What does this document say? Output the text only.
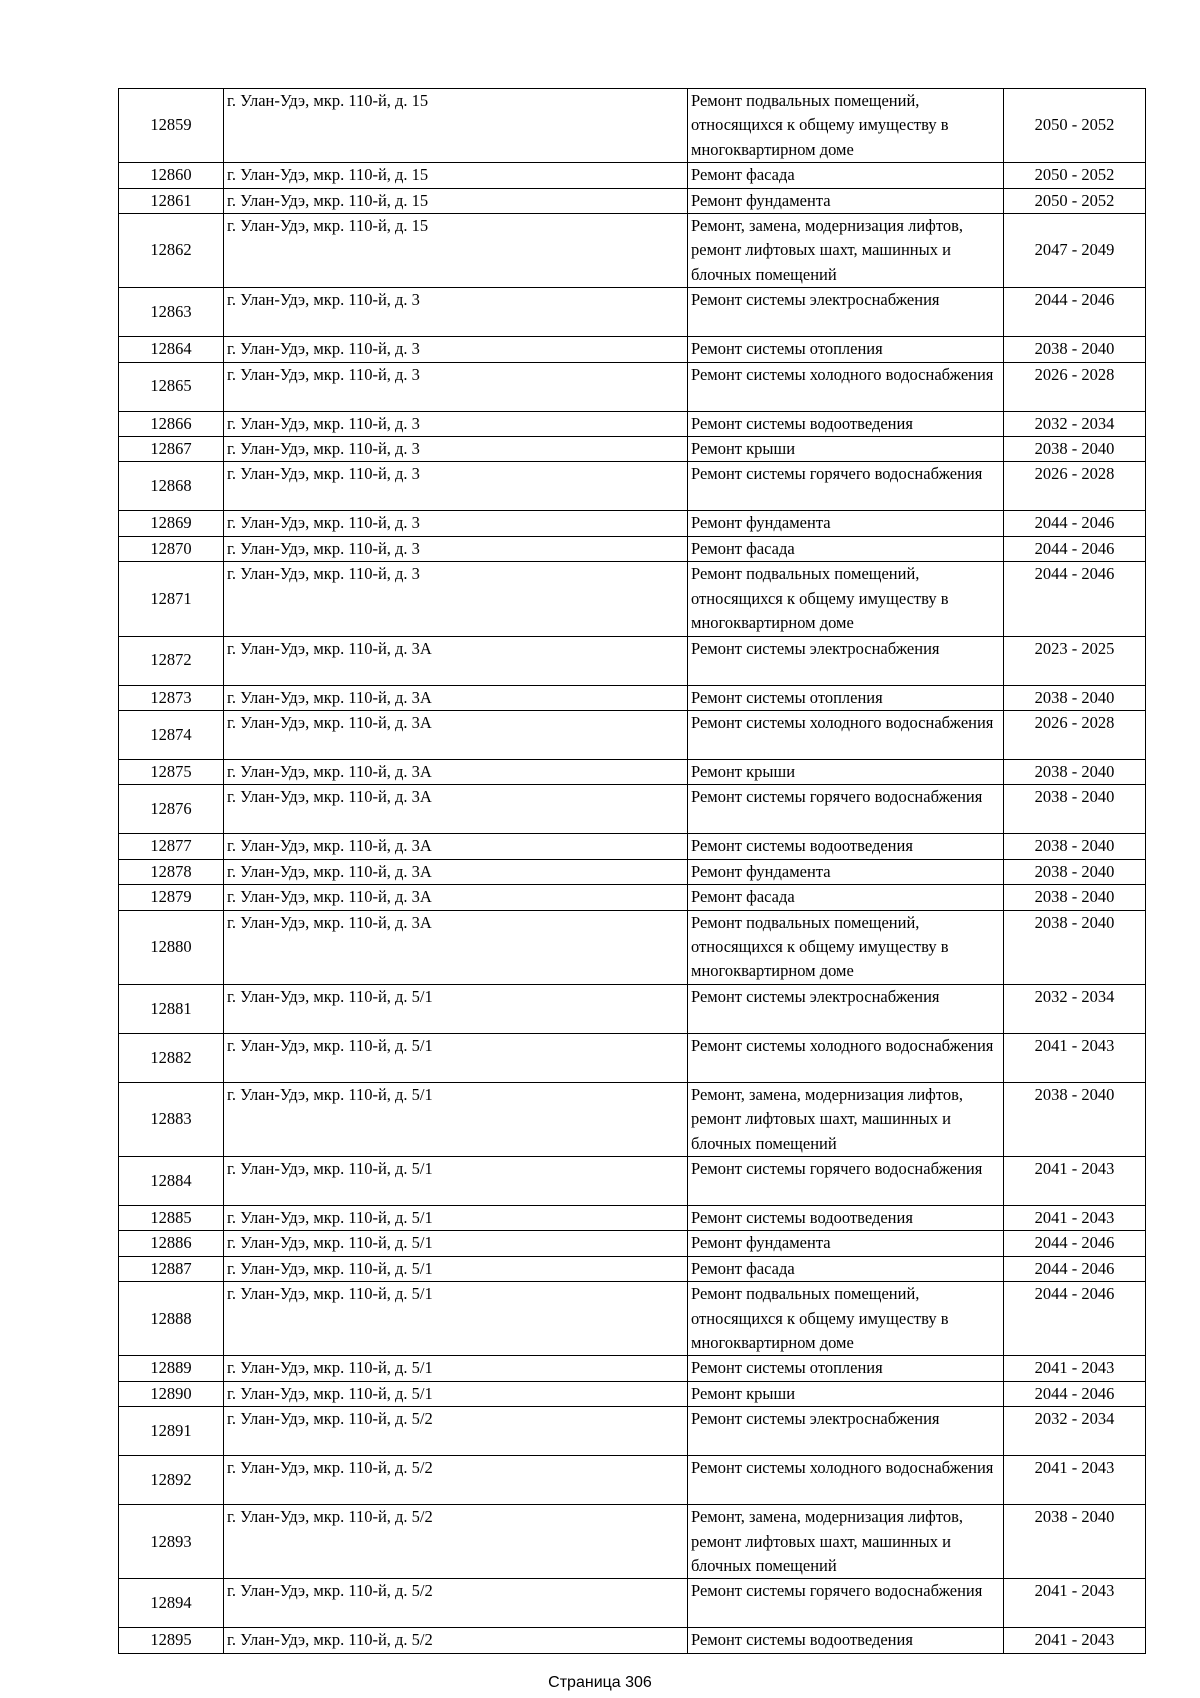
12859	г. Улан-Удэ, мкр. 110-й, д. 15	Ремонт подвальных помещений, относящихся к общему имуществу в многоквартирном доме	2050 - 2052
12860	г. Улан-Удэ, мкр. 110-й, д. 15	Ремонт фасада	2050 - 2052
12861	г. Улан-Удэ, мкр. 110-й, д. 15	Ремонт фундамента	2050 - 2052
12862	г. Улан-Удэ, мкр. 110-й, д. 15	Ремонт, замена, модернизация лифтов, ремонт лифтовых шахт, машинных и блочных помещений	2047 - 2049
12863	г. Улан-Удэ, мкр. 110-й, д. 3	Ремонт системы электроснабжения	2044 - 2046
12864	г. Улан-Удэ, мкр. 110-й, д. 3	Ремонт системы отопления	2038 - 2040
12865	г. Улан-Удэ, мкр. 110-й, д. 3	Ремонт системы холодного водоснабжения	2026 - 2028
12866	г. Улан-Удэ, мкр. 110-й, д. 3	Ремонт системы водоотведения	2032 - 2034
12867	г. Улан-Удэ, мкр. 110-й, д. 3	Ремонт крыши	2038 - 2040
12868	г. Улан-Удэ, мкр. 110-й, д. 3	Ремонт системы горячего водоснабжения	2026 - 2028
12869	г. Улан-Удэ, мкр. 110-й, д. 3	Ремонт фундамента	2044 - 2046
12870	г. Улан-Удэ, мкр. 110-й, д. 3	Ремонт фасада	2044 - 2046
12871	г. Улан-Удэ, мкр. 110-й, д. 3	Ремонт подвальных помещений, относящихся к общему имуществу в многоквартирном доме	2044 - 2046
12872	г. Улан-Удэ, мкр. 110-й, д. 3А	Ремонт системы электроснабжения	2023 - 2025
12873	г. Улан-Удэ, мкр. 110-й, д. 3А	Ремонт системы отопления	2038 - 2040
12874	г. Улан-Удэ, мкр. 110-й, д. 3А	Ремонт системы холодного водоснабжения	2026 - 2028
12875	г. Улан-Удэ, мкр. 110-й, д. 3А	Ремонт крыши	2038 - 2040
12876	г. Улан-Удэ, мкр. 110-й, д. 3А	Ремонт системы горячего водоснабжения	2038 - 2040
12877	г. Улан-Удэ, мкр. 110-й, д. 3А	Ремонт системы водоотведения	2038 - 2040
12878	г. Улан-Удэ, мкр. 110-й, д. 3А	Ремонт фундамента	2038 - 2040
12879	г. Улан-Удэ, мкр. 110-й, д. 3А	Ремонт фасада	2038 - 2040
12880	г. Улан-Удэ, мкр. 110-й, д. 3А	Ремонт подвальных помещений, относящихся к общему имуществу в многоквартирном доме	2038 - 2040
12881	г. Улан-Удэ, мкр. 110-й, д. 5/1	Ремонт системы электроснабжения	2032 - 2034
12882	г. Улан-Удэ, мкр. 110-й, д. 5/1	Ремонт системы холодного водоснабжения	2041 - 2043
12883	г. Улан-Удэ, мкр. 110-й, д. 5/1	Ремонт, замена, модернизация лифтов, ремонт лифтовых шахт, машинных и блочных помещений	2038 - 2040
12884	г. Улан-Удэ, мкр. 110-й, д. 5/1	Ремонт системы горячего водоснабжения	2041 - 2043
12885	г. Улан-Удэ, мкр. 110-й, д. 5/1	Ремонт системы водоотведения	2041 - 2043
12886	г. Улан-Удэ, мкр. 110-й, д. 5/1	Ремонт фундамента	2044 - 2046
12887	г. Улан-Удэ, мкр. 110-й, д. 5/1	Ремонт фасада	2044 - 2046
12888	г. Улан-Удэ, мкр. 110-й, д. 5/1	Ремонт подвальных помещений, относящихся к общему имуществу в многоквартирном доме	2044 - 2046
12889	г. Улан-Удэ, мкр. 110-й, д. 5/1	Ремонт системы отопления	2041 - 2043
12890	г. Улан-Удэ, мкр. 110-й, д. 5/1	Ремонт крыши	2044 - 2046
12891	г. Улан-Удэ, мкр. 110-й, д. 5/2	Ремонт системы электроснабжения	2032 - 2034
12892	г. Улан-Удэ, мкр. 110-й, д. 5/2	Ремонт системы холодного водоснабжения	2041 - 2043
12893	г. Улан-Удэ, мкр. 110-й, д. 5/2	Ремонт, замена, модернизация лифтов, ремонт лифтовых шахт, машинных и блочных помещений	2038 - 2040
12894	г. Улан-Удэ, мкр. 110-й, д. 5/2	Ремонт системы горячего водоснабжения	2041 - 2043
12895	г. Улан-Удэ, мкр. 110-й, д. 5/2	Ремонт системы водоотведения	2041 - 2043
Страница 306
